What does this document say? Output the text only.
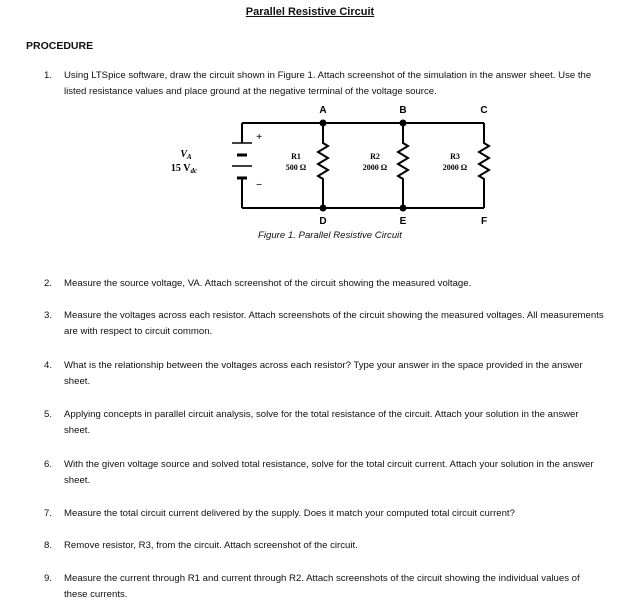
Parallel Resistive Circuit
PROCEDURE
1.	Using LTSpice software, draw the circuit shown in Figure 1. Attach screenshot of the simulation in the answer sheet. Use the listed resistance values and place ground at the negative terminal of the voltage source.
A	B	C
D	E	F
+
−
$V_A$
15 $V_{dc}$
R1
500 Ω
R2
2000 Ω
R3
2000 Ω
Figure 1. Parallel Resistive Circuit
2.	Measure the source voltage, VA. Attach screenshot of the circuit showing the measured voltage.
3.	Measure the voltages across each resistor. Attach screenshots of the circuit showing the measured voltages. All measurements are with respect to circuit common.
4.	What is the relationship between the voltages across each resistor? Type your answer in the space provided in the answer sheet.
5.	Applying concepts in parallel circuit analysis, solve for the total resistance of the circuit. Attach your solution in the answer sheet.
6.	With the given voltage source and solved total resistance, solve for the total circuit current. Attach your solution in the answer sheet.
7.	Measure the total circuit current delivered by the supply. Does it match your computed total circuit current?
8.	Remove resistor, R3, from the circuit. Attach screenshot of the circuit.
9.	Measure the current through R1 and current through R2. Attach screenshots of the circuit showing the individual values of these currents.
